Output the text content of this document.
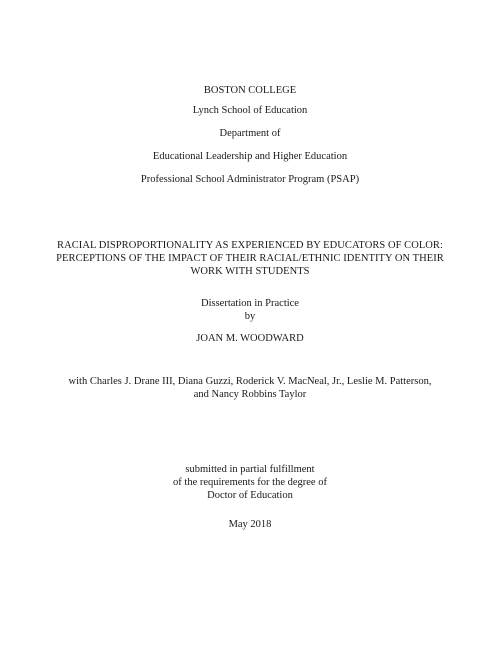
BOSTON COLLEGE
Lynch School of Education
Department of
Educational Leadership and Higher Education
Professional School Administrator Program (PSAP)
RACIAL DISPROPORTIONALITY AS EXPERIENCED BY EDUCATORS OF COLOR:
PERCEPTIONS OF THE IMPACT OF THEIR RACIAL/ETHNIC IDENTITY ON THEIR
WORK WITH STUDENTS
Dissertation in Practice
by
JOAN M. WOODWARD
with Charles J. Drane III, Diana Guzzi, Roderick V. MacNeal, Jr., Leslie M. Patterson,
and Nancy Robbins Taylor
submitted in partial fulfillment
of the requirements for the degree of
Doctor of Education
May 2018
